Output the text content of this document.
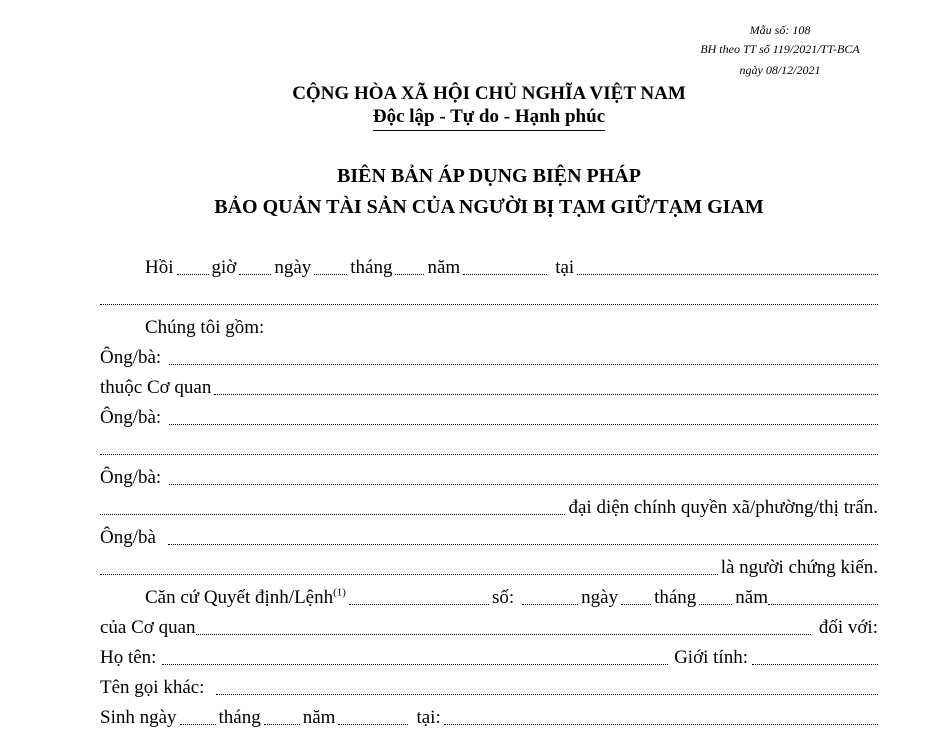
Mẫu số: 108
BH theo TT số 119/2021/TT-BCA
ngày 08/12/2021
CỘNG HÒA XÃ HỘI CHỦ NGHĨA VIỆT NAM
Độc lập - Tự do - Hạnh phúc
BIÊN BẢN ÁP DỤNG BIỆN PHÁP
BẢO QUẢN TÀI SẢN CỦA NGƯỜI BỊ TẠM GIỮ/TẠM GIAM
Hồi giờ ngày tháng năm	tại
Chúng tôi gồm:
Ông/bà:
thuộc Cơ quan
Ông/bà:
Ông/bà:
đại diện chính quyền xã/phường/thị trấn.
Ông/bà
là người chứng kiến.
Căn cứ Quyết định/Lệnh$^{(1)}$	số:	ngày tháng năm
của Cơ quan	đối với:
Họ tên:	Giới tính:
Tên gọi khác:
Sinh ngày tháng năm	tại:
